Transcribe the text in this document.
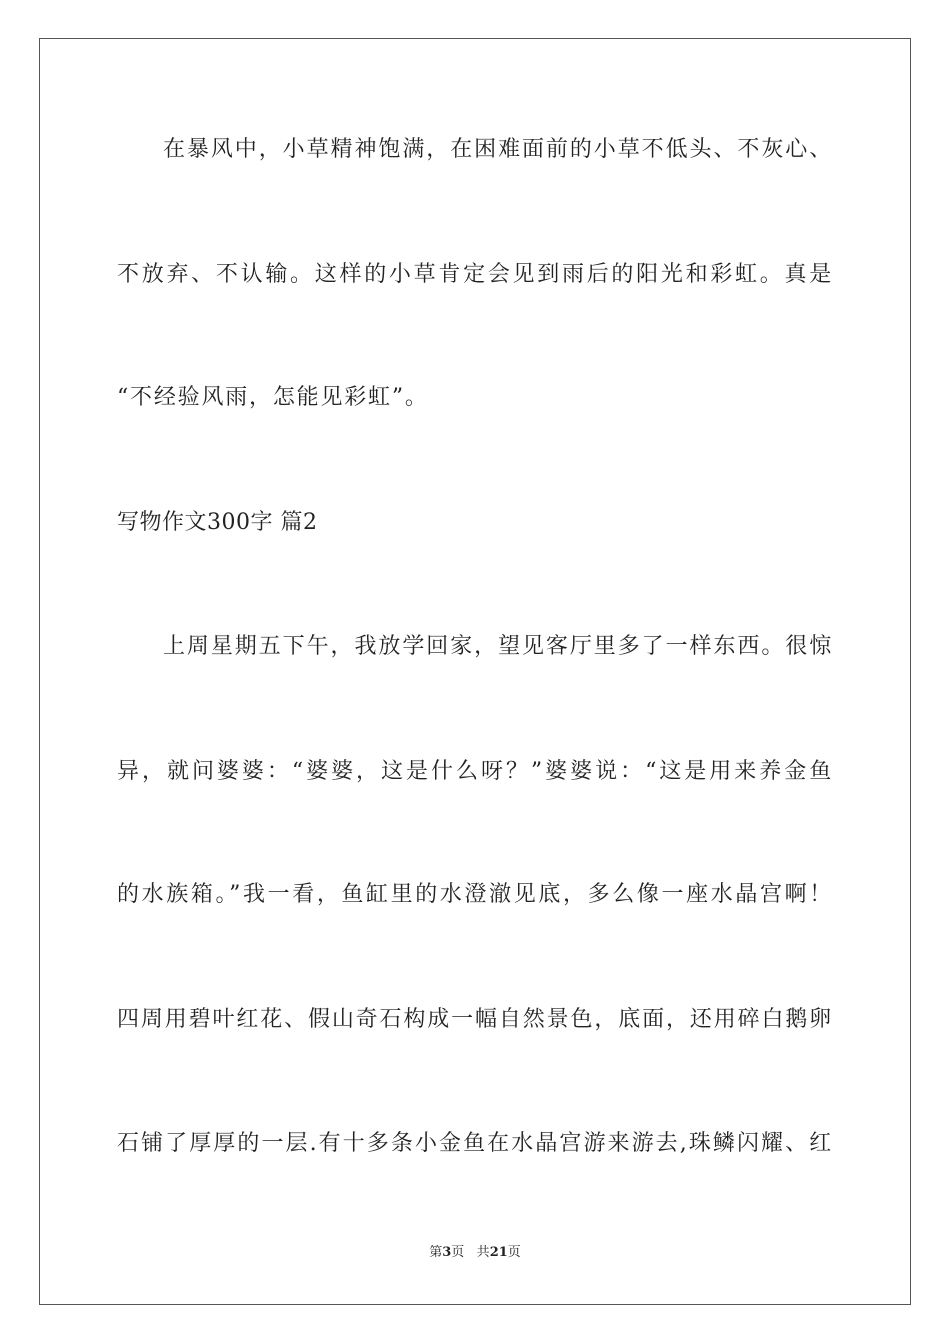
在暴风中，小草精神饱满，在困难面前的小草不低头、不灰心、
不放弃、不认输。这样的小草肯定会见到雨后的阳光和彩虹。真是
“不经验风雨，怎能见彩虹”。
写物作文300字 篇2
上周星期五下午，我放学回家，望见客厅里多了一样东西。很惊
异，就问婆婆：“婆婆，这是什么呀？”婆婆说：“这是用来养金鱼
的水族箱。”我一看，鱼缸里的水澄澈见底，多么像一座水晶宫啊！
四周用碧叶红花、假山奇石构成一幅自然景色，底面，还用碎白鹅卵
石铺了厚厚的一层.有十多条小金鱼在水晶宫游来游去,珠鳞闪耀、红
第3页 共21页
